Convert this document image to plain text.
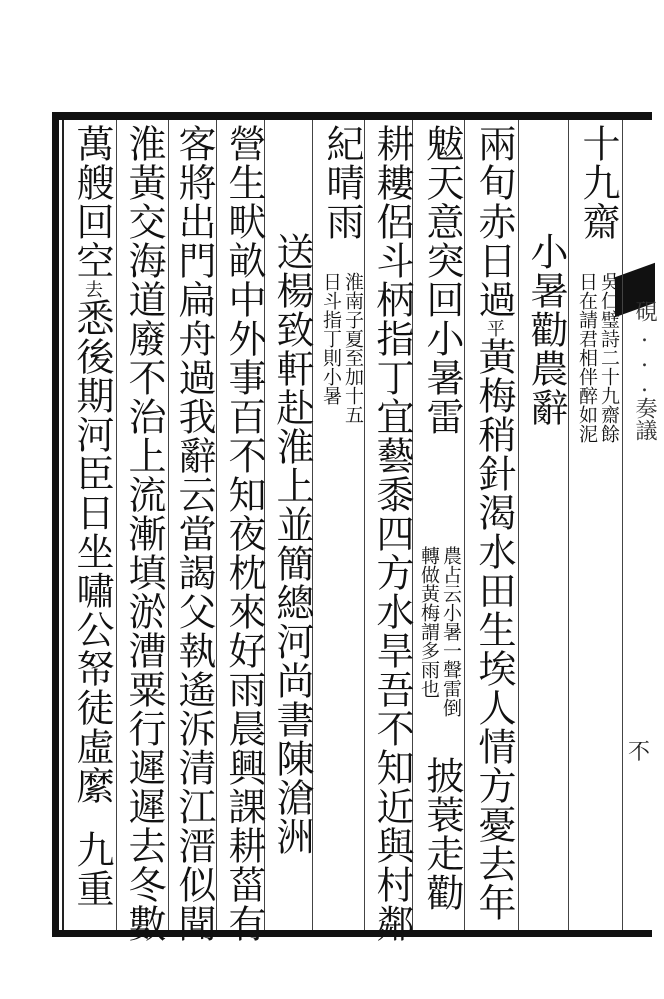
十九齋
吳仁璧詩二十九齋餘
日在請君相伴醉如泥
小暑勸農辭
兩旬赤日過平黃梅稍針渴水田生埃人情方憂去年
魃天意突回小暑雷
農占云小暑一聲雷倒
轉做黃梅謂多雨也
披蓑走勸
耕耬侶斗柄指丁宜藝黍四方水旱吾不知近與村鄰
紀晴雨
淮南子夏至加十五
日斗指丁則小暑
送楊致軒赴淮上並簡總河尚書陳滄洲
營生畎畝中外事百不知夜枕來好雨晨興課耕菑有
客將出門扁舟過我辭云當謁父執遙泝清江溍似聞
淮黃交海道廢不治上流漸填淤漕粟行遲遲去冬數
萬艘回空去悉後期河臣日坐嘯公帑徒虛縻
九重
硯...奏議
不
